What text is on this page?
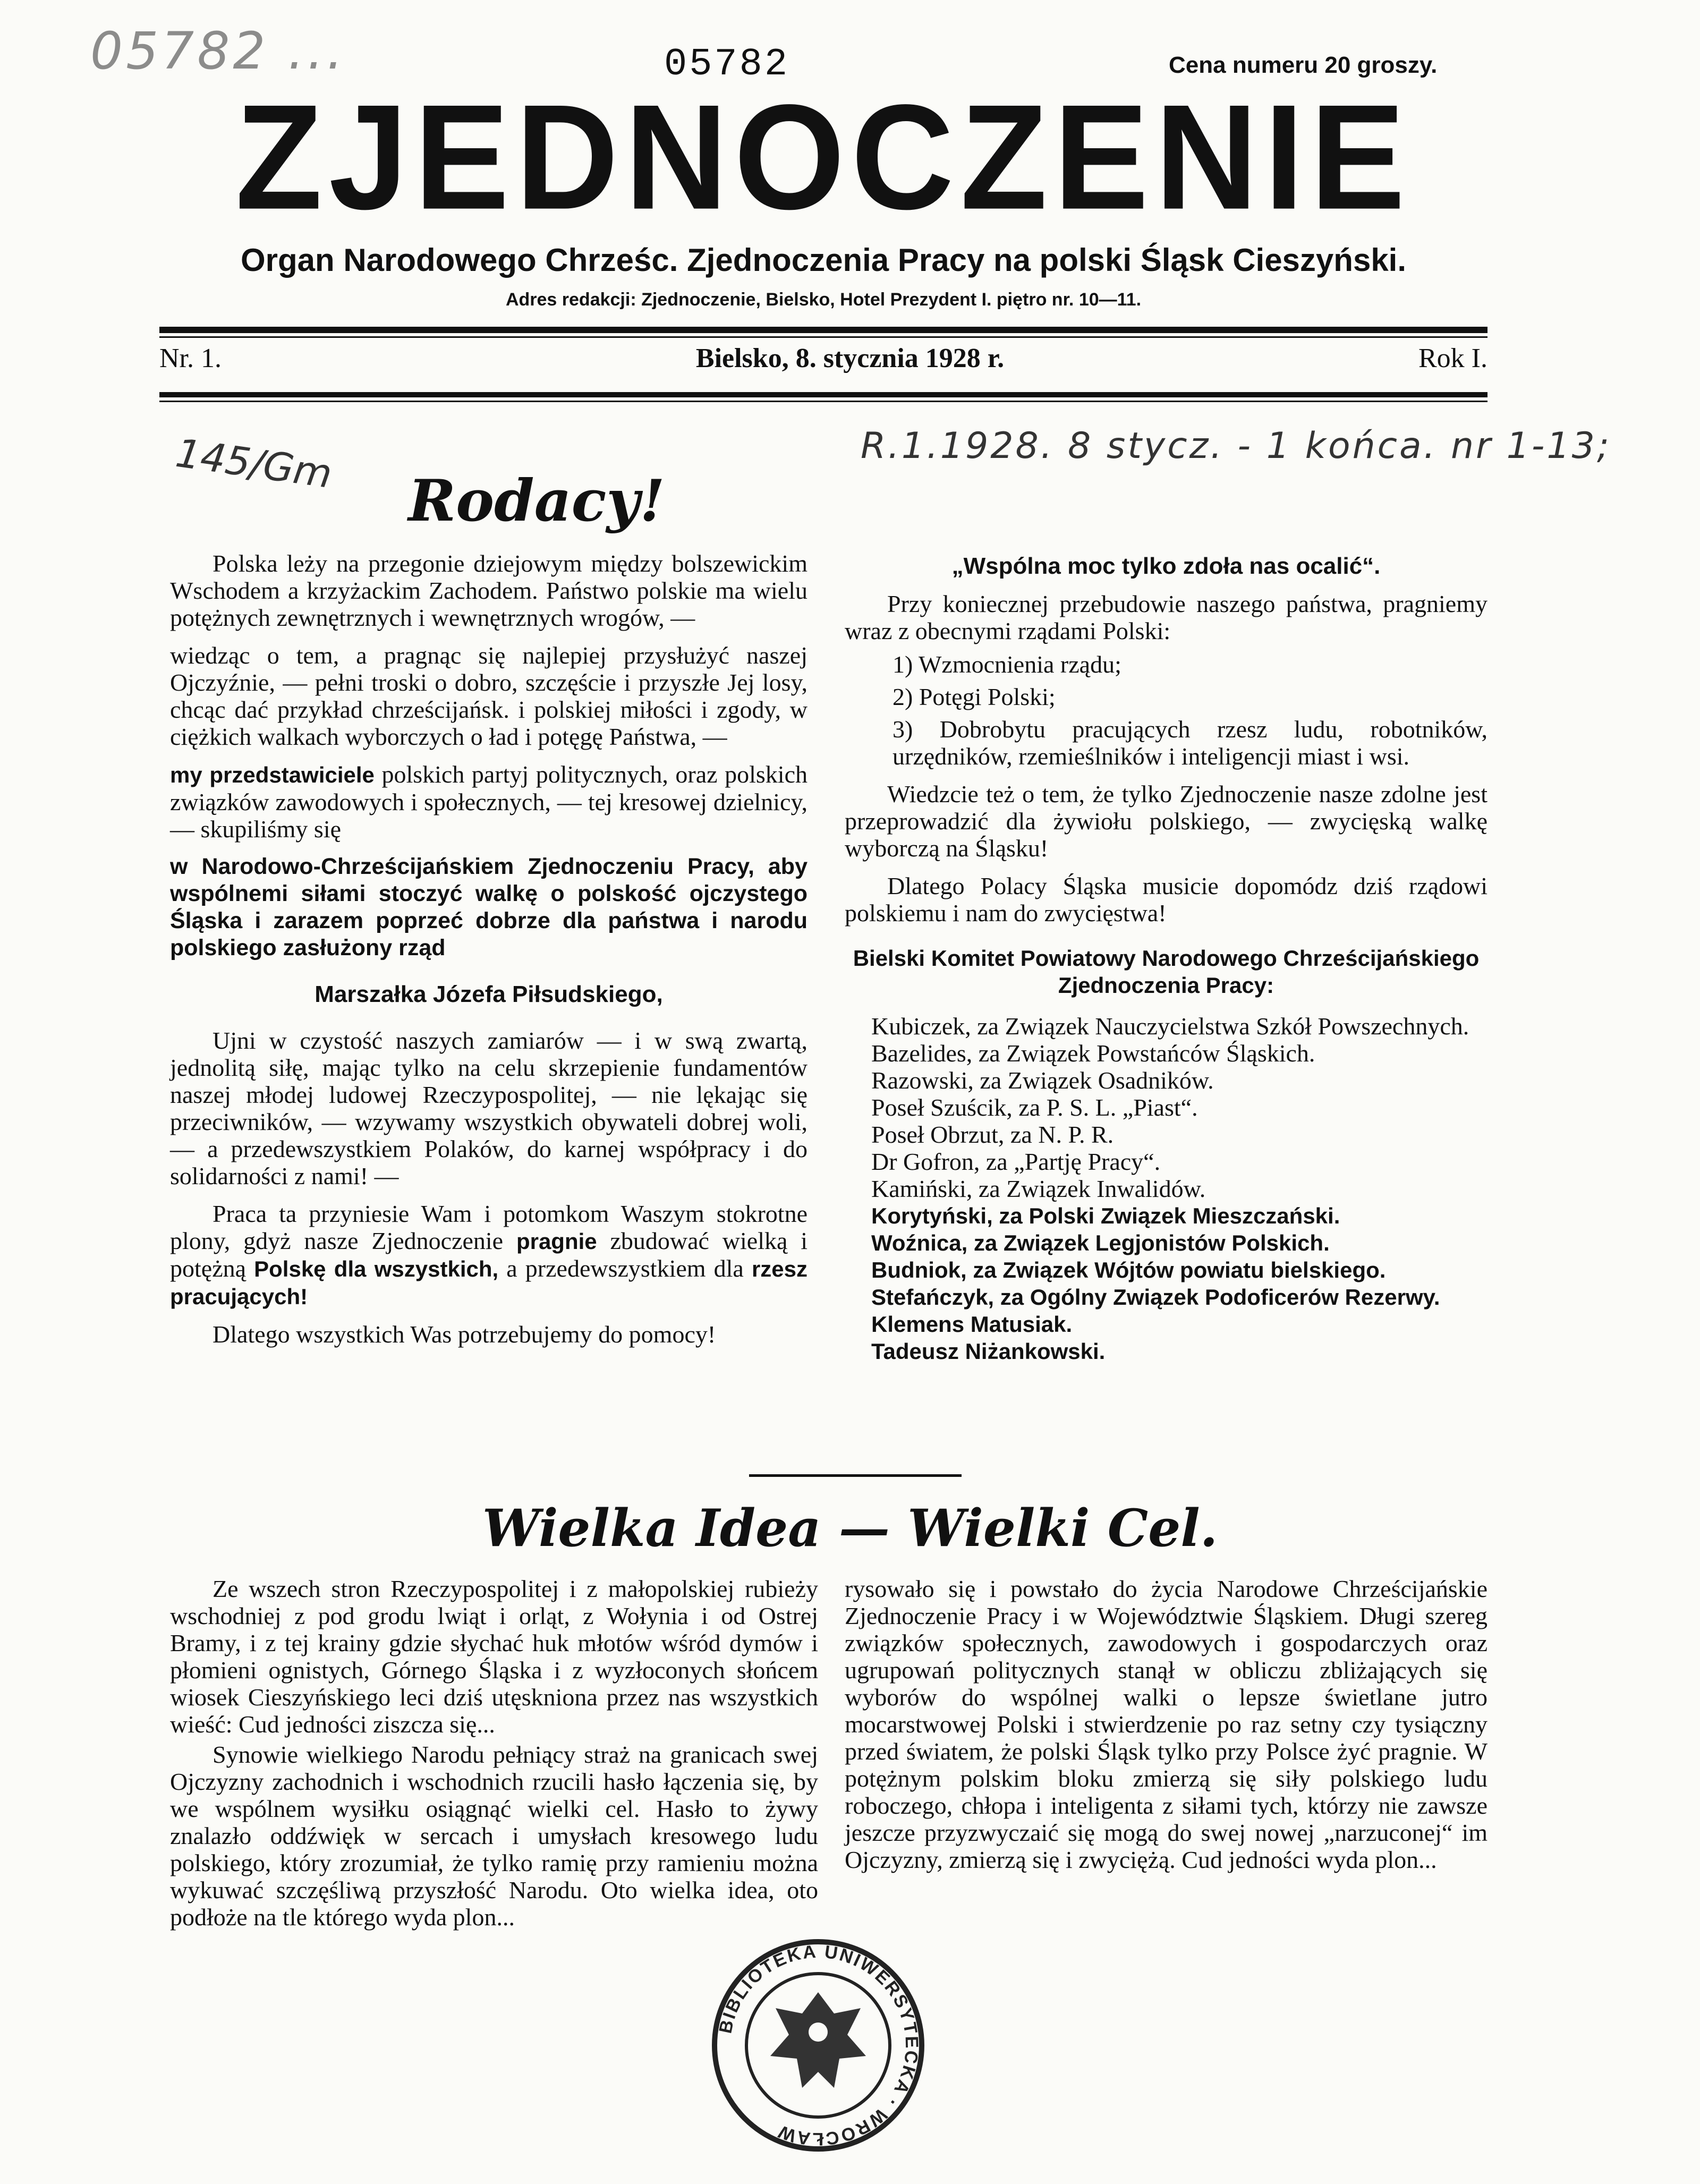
05782 ...	05782	Cena numeru 20 groszy.
ZJEDNOCZENIE
Organ Narodowego Chrześc. Zjednoczenia Pracy na polski Śląsk Cieszyński.
Adres redakcji: Zjednoczenie, Bielsko, Hotel Prezydent I. piętro nr. 10—11.
Nr. 1.	Bielsko, 8. stycznia 1928 r.	Rok I.
145/Gm	R.1.1928. 8 stycz. - 1 końca. nr 1-13;
Rodacy!

Polska leży na przegonie dziejowym między bolszewickim Wschodem a krzyżackim Zachodem. Państwo polskie ma wielu potężnych zewnętrznych i wewnętrznych wrogów, —

wiedząc o tem, a pragnąc się najlepiej przysłużyć naszej Ojczyźnie, — pełni troski o dobro, szczęście i przyszłe Jej losy, chcąc dać przykład chrześcijańsk. i polskiej miłości i zgody, w ciężkich walkach wyborczych o ład i potęgę Państwa, —

my przedstawiciele polskich partyj politycznych, oraz polskich związków zawodowych i społecznych, — tej kresowej dzielnicy, — skupiliśmy się

w Narodowo-Chrześcijańskiem Zjednoczeniu Pracy, aby wspólnemi siłami stoczyć walkę o polskość ojczystego Śląska i zarazem poprzeć dobrze dla państwa i narodu polskiego zasłużony rząd

Marszałka Józefa Piłsudskiego,

Ujni w czystość naszych zamiarów — i w swą zwartą, jednolitą siłę, mając tylko na celu skrzepienie fundamentów naszej młodej ludowej Rzeczypospolitej, — nie lękając się przeciwników, — wzywamy wszystkich obywateli dobrej woli, — a przedewszystkiem Polaków, do karnej współpracy i do solidarności z nami! —

Praca ta przyniesie Wam i potomkom Waszym stokrotne plony, gdyż nasze Zjednoczenie pragnie zbudować wielką i potężną Polskę dla wszystkich, a przedewszystkiem dla rzesz pracujących!

Dlatego wszystkich Was potrzebujemy do pomocy!

„Wspólna moc tylko zdoła nas ocalić“.

Przy koniecznej przebudowie naszego państwa, pragniemy wraz z obecnymi rządami Polski:

1) Wzmocnienia rządu;

2) Potęgi Polski;

3) Dobrobytu pracujących rzesz ludu, robotników, urzędników, rzemieślników i inteligencji miast i wsi.

Wiedzcie też o tem, że tylko Zjednoczenie nasze zdolne jest przeprowadzić dla żywiołu polskiego, — zwycięską walkę wyborczą na Śląsku!

Dlatego Polacy Śląska musicie dopomódz dziś rządowi polskiemu i nam do zwycięstwa!

Bielski Komitet Powiatowy Narodowego Chrześcijańskiego Zjednoczenia Pracy:

Kubiczek, za Związek Nauczycielstwa Szkół Powszechnych.

Bazelides, za Związek Powstańców Śląskich.

Razowski, za Związek Osadników.

Poseł Szuścik, za P. S. L. „Piast“.

Poseł Obrzut, za N. P. R.

Dr Gofron, za „Partję Pracy“.

Kamiński, za Związek Inwalidów.

Korytyński, za Polski Związek Mieszczański.

Woźnica, za Związek Legjonistów Polskich.

Budniok, za Związek Wójtów powiatu bielskiego.

Stefańczyk, za Ogólny Związek Podoficerów Rezerwy.

Klemens Matusiak.

Tadeusz Niżankowski.

Wielka Idea — Wielki Cel.

Ze wszech stron Rzeczypospolitej i z małopolskiej rubieży wschodniej z pod grodu lwiąt i orląt, z Wołynia i od Ostrej Bramy, i z tej krainy gdzie słychać huk młotów wśród dymów i płomieni ognistych, Górnego Śląska i z wyzłoconych słońcem wiosek Cieszyńskiego leci dziś utęskniona przez nas wszystkich wieść: Cud jedności ziszcza się...

Synowie wielkiego Narodu pełniący straż na granicach swej Ojczyzny zachodnich i wschodnich rzucili hasło łączenia się, by we wspólnem wysiłku osiągnąć wielki cel. Hasło to żywy znalazło oddźwięk w sercach i umysłach kresowego ludu polskiego, który zrozumiał, że tylko ramię przy ramieniu można wykuwać szczęśliwą przyszłość Narodu. Oto wielka idea, oto podłoże na tle którego wyda plon...

rysowało się i powstało do życia Narodowe Chrześcijańskie Zjednoczenie Pracy i w Województwie Śląskiem. Długi szereg związków społecznych, zawodowych i gospodarczych oraz ugrupowań politycznych stanął w obliczu zbliżających się wyborów do wspólnej walki o lepsze świetlane jutro mocarstwowej Polski i stwierdzenie po raz setny czy tysiączny przed światem, że polski Śląsk tylko przy Polsce żyć pragnie. W potężnym polskim bloku zmierzą się siły polskiego ludu roboczego, chłopa i inteligenta z siłami tych, którzy nie zawsze jeszcze przyzwyczaić się mogą do swej nowej „narzuconej“ im Ojczyzny, zmierzą się i zwyciężą. Cud jedności wyda plon...

BIBLIOTEKA UNIWERSYTECKA · WROCŁAW
